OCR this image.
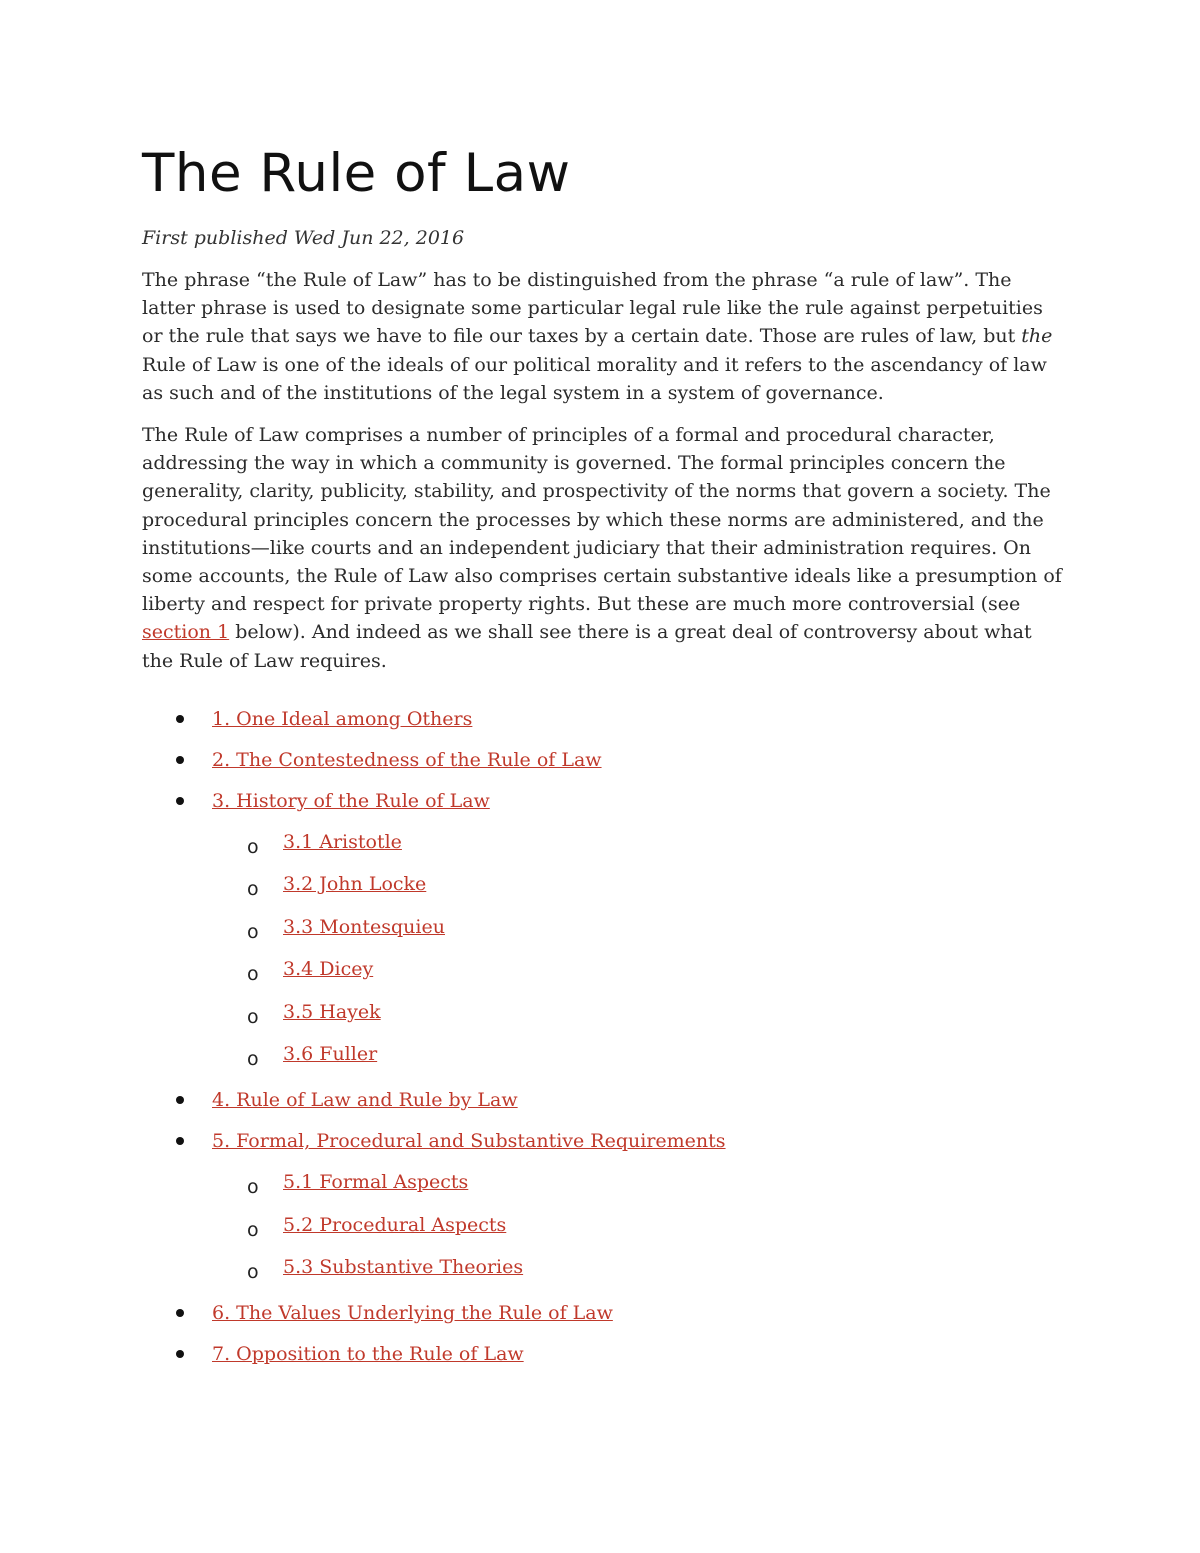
The Rule of Law

First published Wed Jun 22, 2016

The phrase “the Rule of Law” has to be distinguished from the phrase “a rule of law”. The latter phrase is used to designate some particular legal rule like the rule against perpetuities or the rule that says we have to file our taxes by a certain date. Those are rules of law, but the Rule of Law is one of the ideals of our political morality and it refers to the ascendancy of law as such and of the institutions of the legal system in a system of governance.

The Rule of Law comprises a number of principles of a formal and procedural character, addressing the way in which a community is governed. The formal principles concern the generality, clarity, publicity, stability, and prospectivity of the norms that govern a society. The procedural principles concern the processes by which these norms are administered, and the institutions—like courts and an independent judiciary that their administration requires. On some accounts, the Rule of Law also comprises certain substantive ideals like a presumption of liberty and respect for private property rights. But these are much more controversial (see section 1 below). And indeed as we shall see there is a great deal of controversy about what the Rule of Law requires.

1. One Ideal among Others
2. The Contestedness of the Rule of Law
3. History of the Rule of Law
o 3.1 Aristotle
o 3.2 John Locke
o 3.3 Montesquieu
o 3.4 Dicey
o 3.5 Hayek
o 3.6 Fuller
4. Rule of Law and Rule by Law
5. Formal, Procedural and Substantive Requirements
o 5.1 Formal Aspects
o 5.2 Procedural Aspects
o 5.3 Substantive Theories
6. The Values Underlying the Rule of Law
7. Opposition to the Rule of Law
